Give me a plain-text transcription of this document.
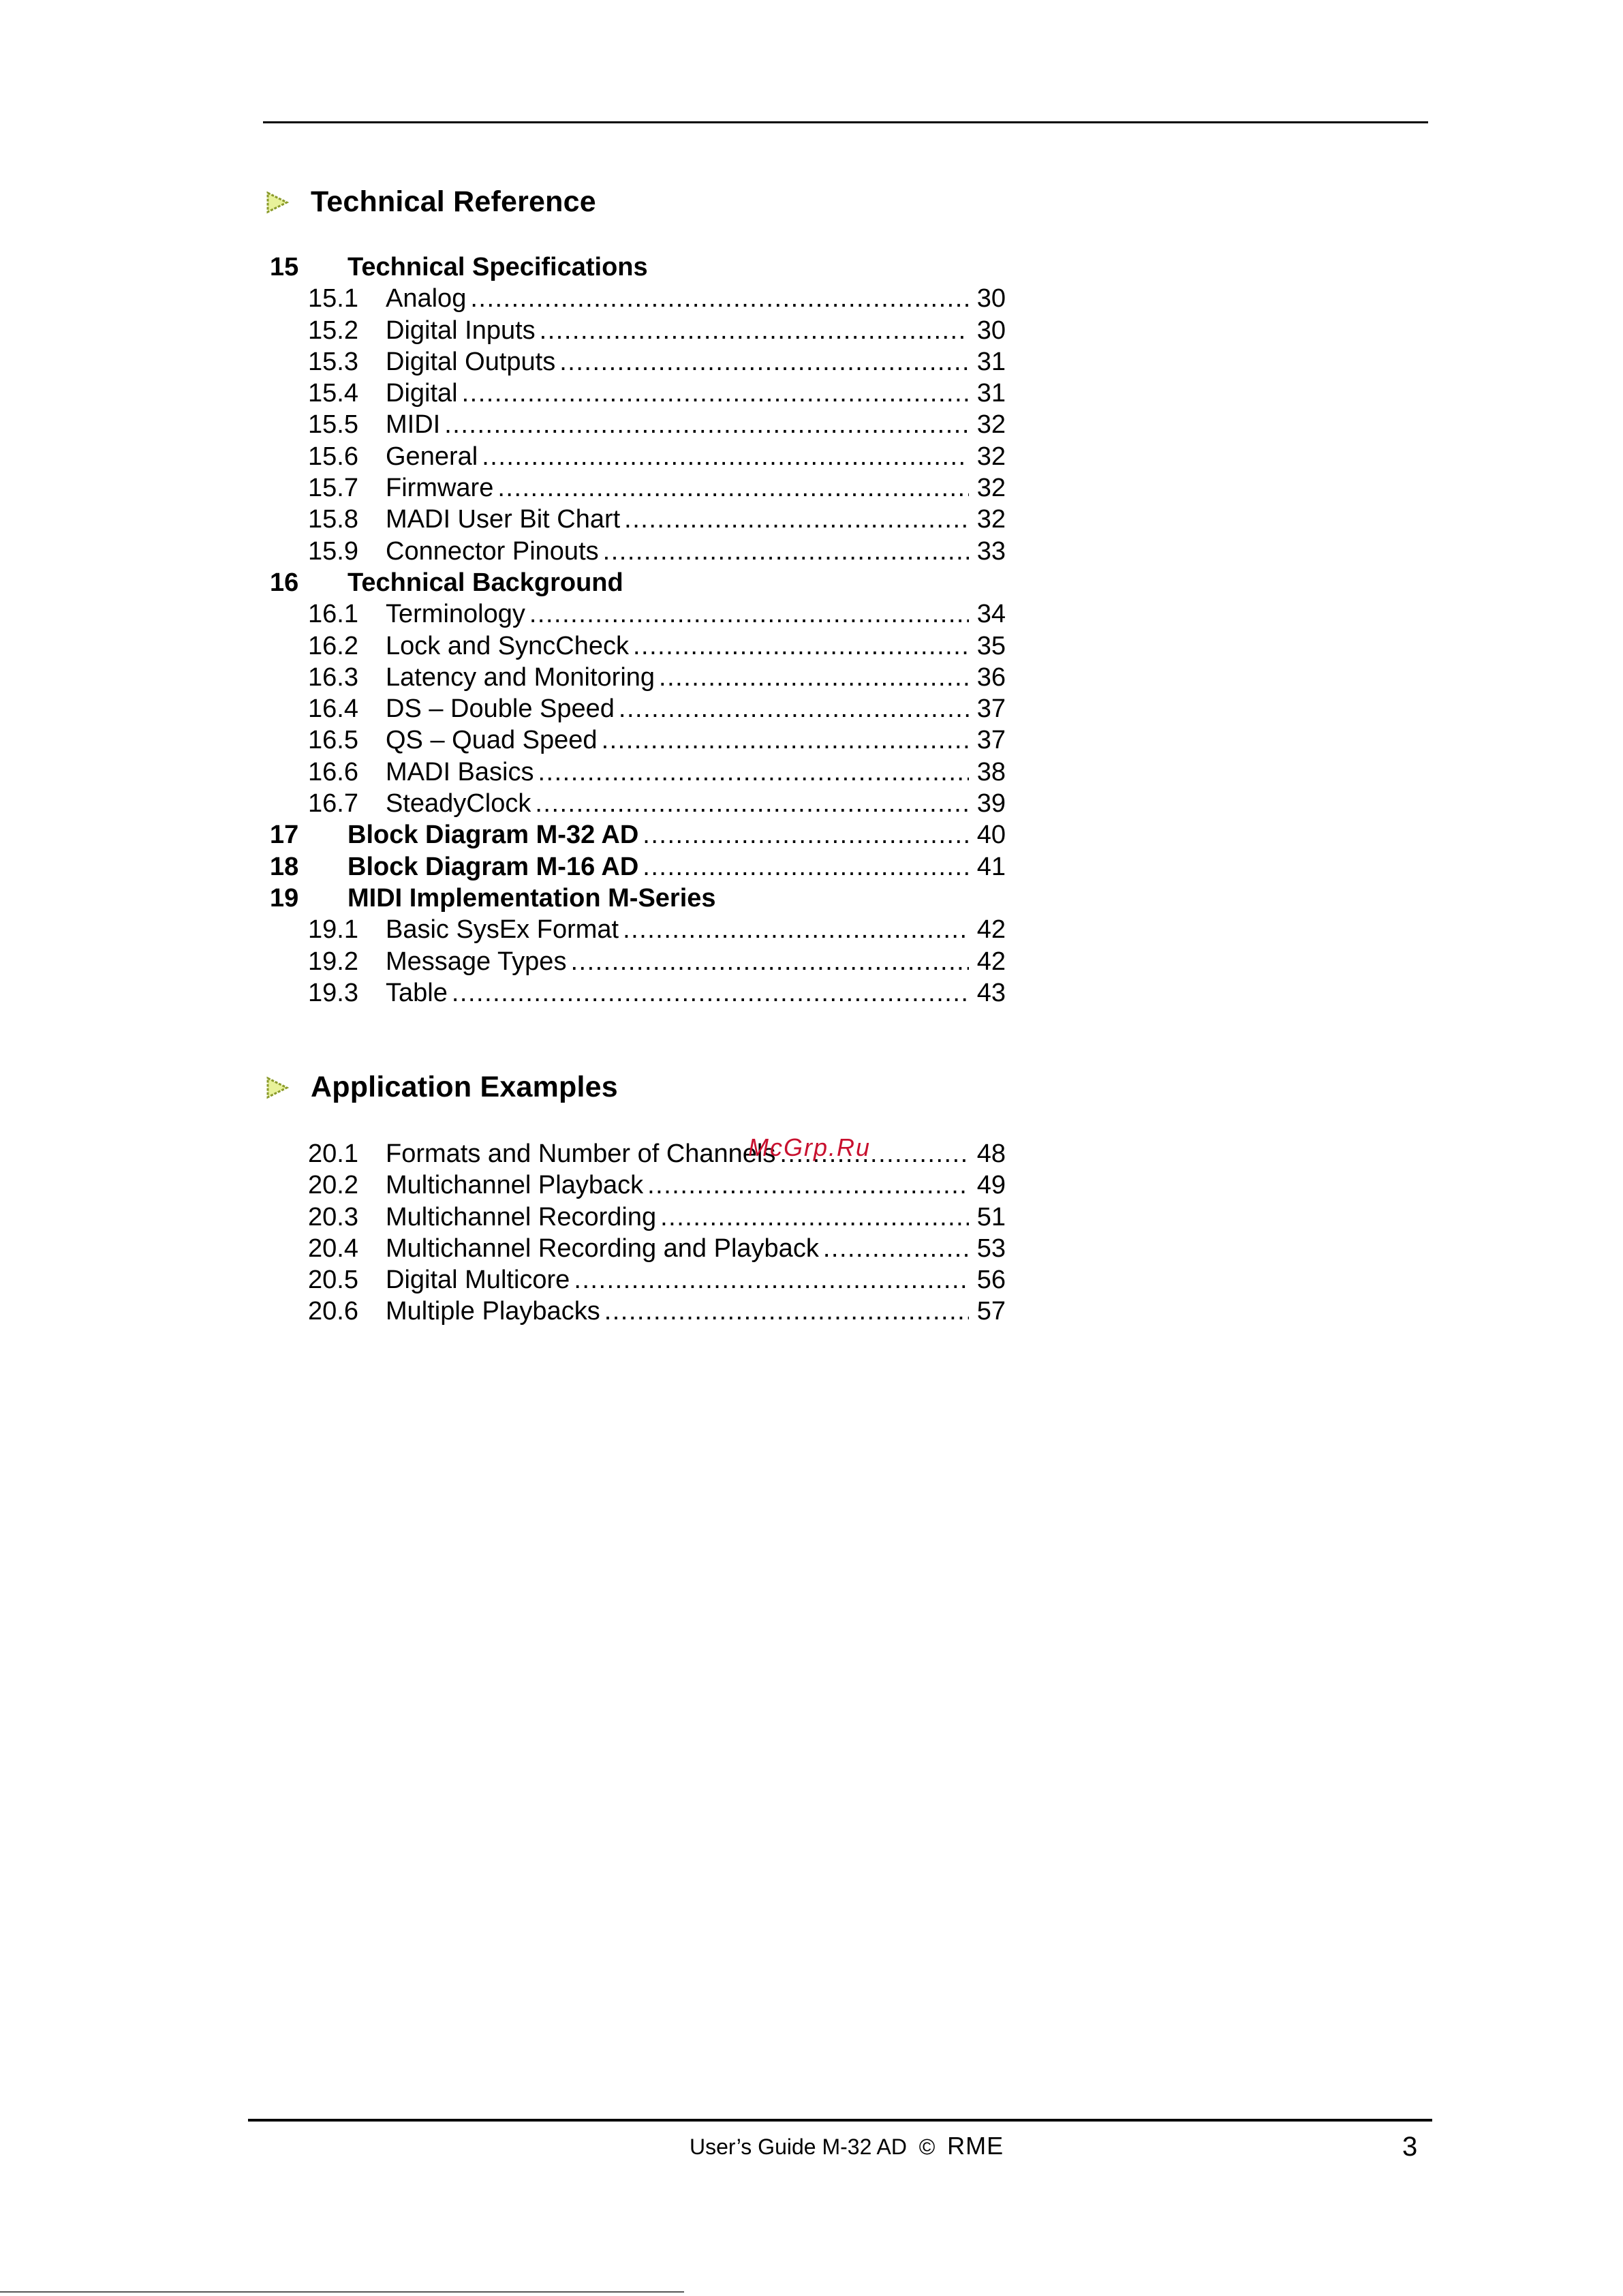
Technical Reference
15	Technical Specifications
15.1 Analog .....	30
15.2 Digital Inputs .....	30
15.3 Digital Outputs .....	31
15.4 Digital .....	31
15.5 MIDI .....	32
15.6 General .....	32
15.7 Firmware .....	32
15.8 MADI User Bit Chart .....	32
15.9 Connector Pinouts .....	33
16	Technical Background
16.1 Terminology .....	34
16.2 Lock and SyncCheck .....	35
16.3 Latency and Monitoring .....	36
16.4 DS – Double Speed .....	37
16.5 QS – Quad Speed .....	37
16.6 MADI Basics .....	38
16.7 SteadyClock .....	39
17	Block Diagram M-32 AD .....	40
18	Block Diagram M-16 AD .....	41
19	MIDI Implementation M-Series
19.1 Basic SysEx Format .....	42
19.2 Message Types .....	42
19.3 Table .....	43
Application Examples
20.1 Formats and Number of Channels .....	48
20.2 Multichannel Playback .....	49
20.3 Multichannel Recording .....	51
20.4 Multichannel Recording and Playback .....	53
20.5 Digital Multicore .....	56
20.6 Multiple Playbacks .....	57
McGrp.Ru
User’s Guide M-32 AD © RME	3
